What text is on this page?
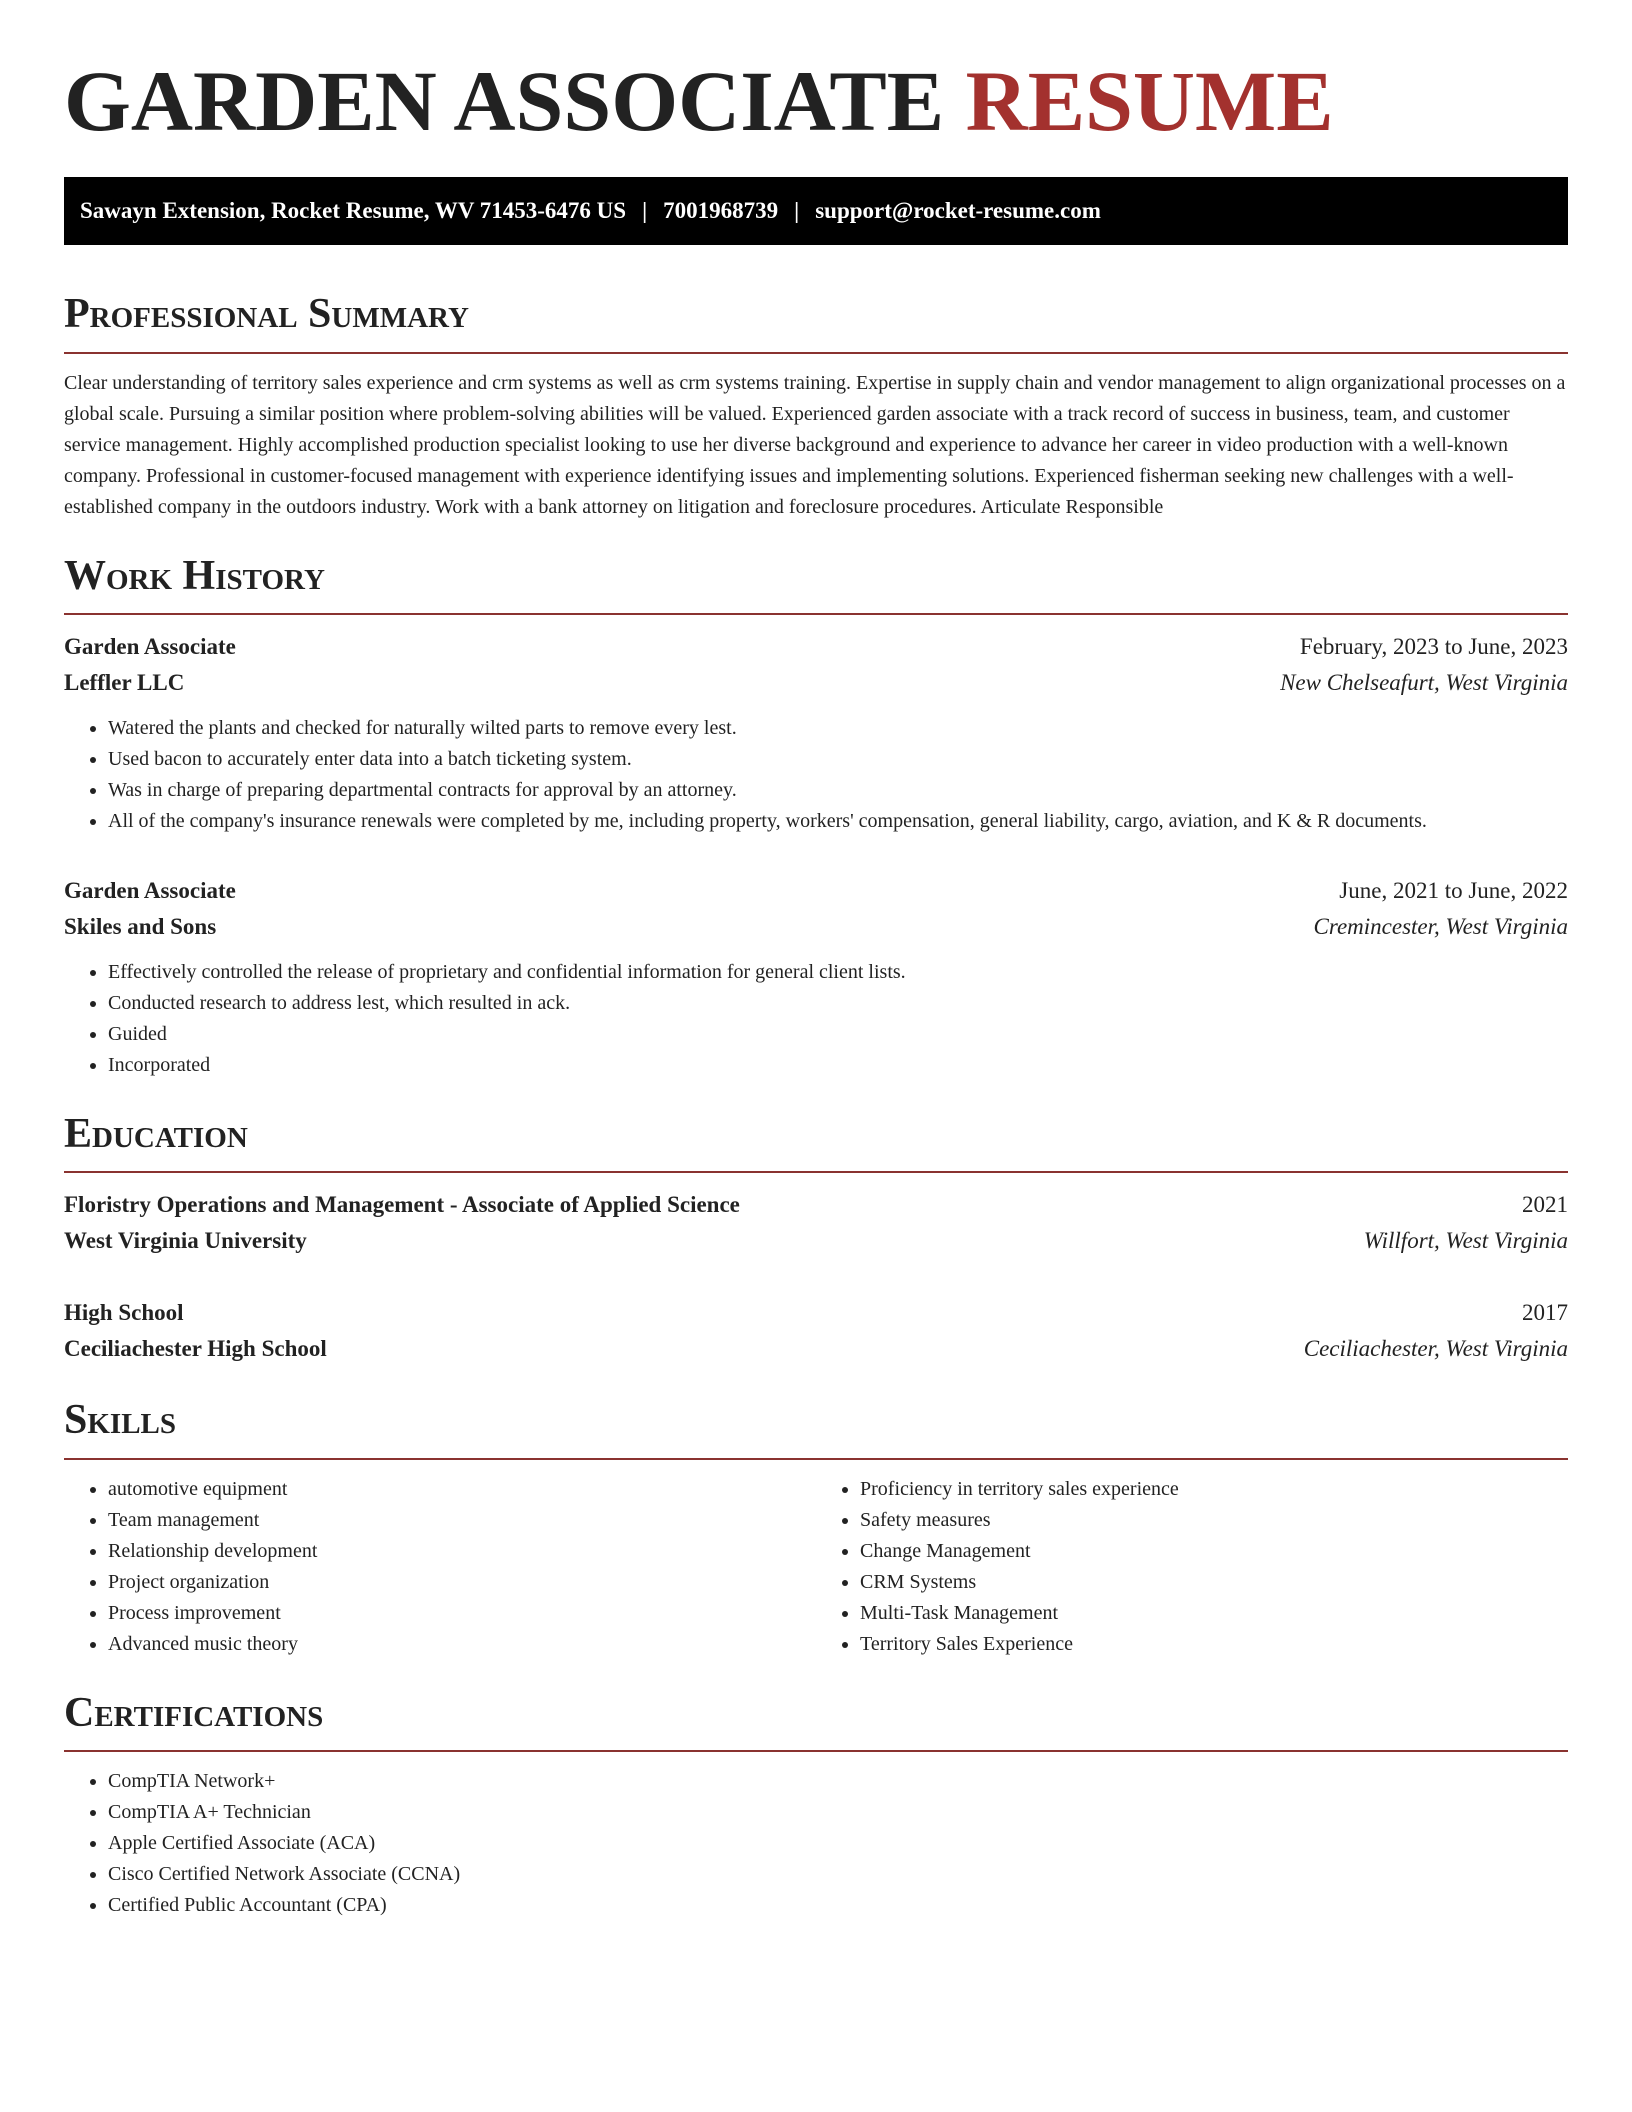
GARDEN ASSOCIATE RESUME
Sawayn Extension, Rocket Resume, WV 71453-6476 US | 7001968739 | support@rocket-resume.com
Professional Summary

Clear understanding of territory sales experience and crm systems as well as crm systems training. Expertise in supply chain and vendor management to align organizational processes on a global scale. Pursuing a similar position where problem-solving abilities will be valued. Experienced garden associate with a track record of success in business, team, and customer service management. Highly accomplished production specialist looking to use her diverse background and experience to advance her career in video production with a well-known company. Professional in customer-focused management with experience identifying issues and implementing solutions. Experienced fisherman seeking new challenges with a well-established company in the outdoors industry. Work with a bank attorney on litigation and foreclosure procedures. Articulate Responsible

Work History
Garden Associate	February, 2023 to June, 2023
Leffler LLC	New Chelseafurt, West Virginia
• Watered the plants and checked for naturally wilted parts to remove every lest.
• Used bacon to accurately enter data into a batch ticketing system.
• Was in charge of preparing departmental contracts for approval by an attorney.
• All of the company's insurance renewals were completed by me, including property, workers' compensation, general liability, cargo, aviation, and K & R documents.
Garden Associate	June, 2021 to June, 2022
Skiles and Sons	Cremincester, West Virginia
• Effectively controlled the release of proprietary and confidential information for general client lists.
• Conducted research to address lest, which resulted in ack.
• Guided
• Incorporated
Education
Floristry Operations and Management - Associate of Applied Science	2021
West Virginia University	Willfort, West Virginia
High School	2017
Ceciliachester High School	Ceciliachester, West Virginia
Skills
• automotive equipment
• Team management
• Relationship development
• Project organization
• Process improvement
• Advanced music theory
• Proficiency in territory sales experience
• Safety measures
• Change Management
• CRM Systems
• Multi-Task Management
• Territory Sales Experience
Certifications
• CompTIA Network+
• CompTIA A+ Technician
• Apple Certified Associate (ACA)
• Cisco Certified Network Associate (CCNA)
• Certified Public Accountant (CPA)
